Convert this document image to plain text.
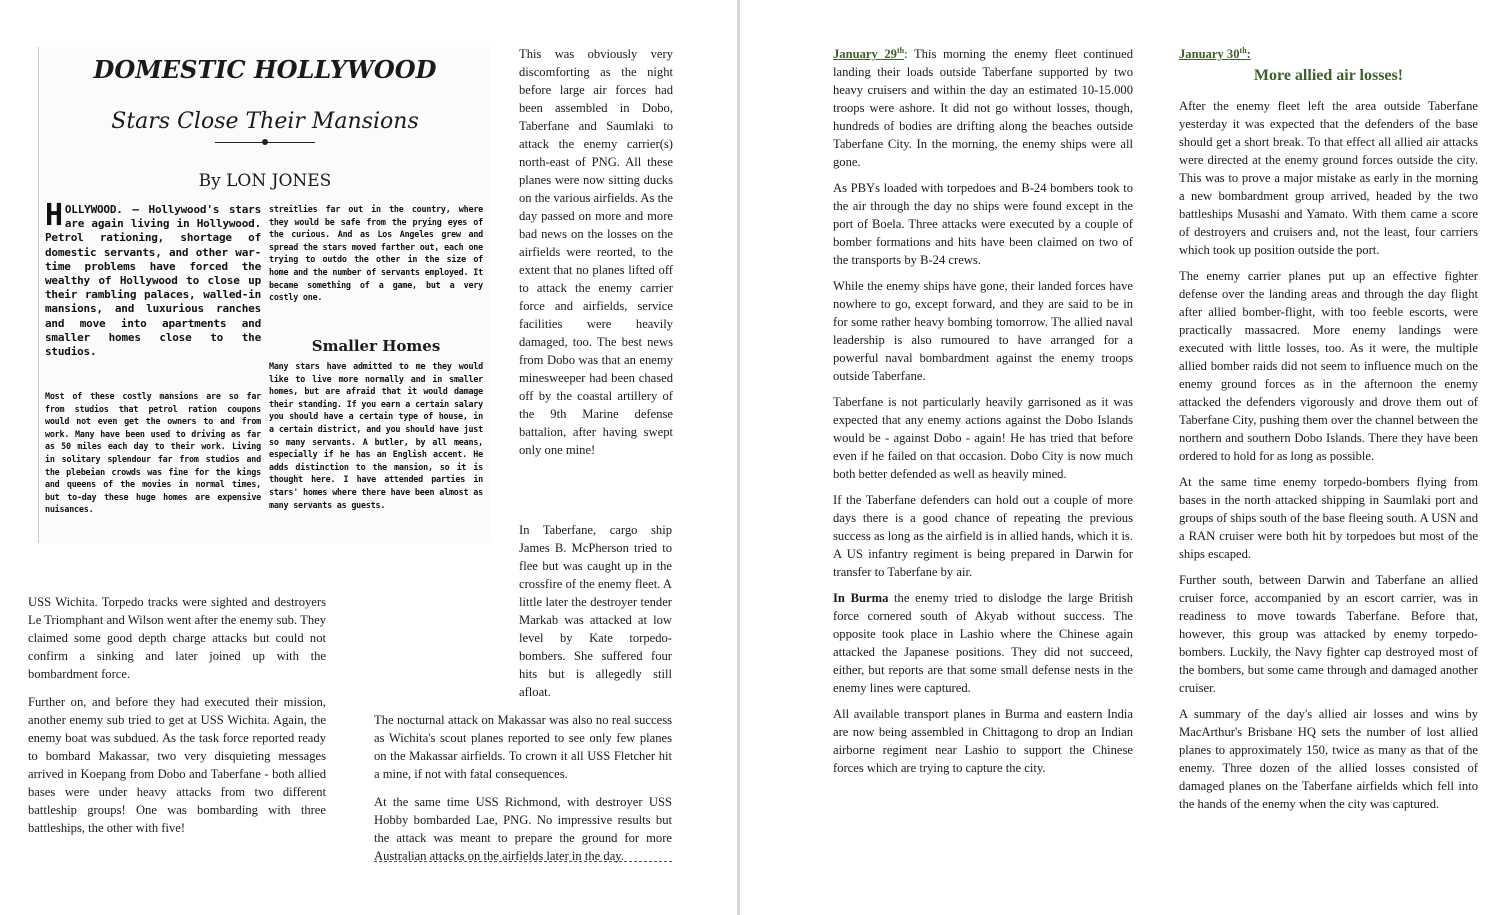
DOMESTIC HOLLYWOOD
Stars Close Their Mansions
By LON JONES
HOLLYWOOD. — Hollywood's stars are again living in Hollywood. Petrol rationing, shortage of domestic servants, and other war-time problems have forced the wealthy of Hollywood to close up their rambling palaces, walled-in mansions, and luxurious ranches and move into apartments and smaller homes close to the studios.
Most of these costly mansions are so far from studios that petrol ration coupons would not even get the owners to and from work. Many have been used to driving as far as 50 miles each day to their work. Living in solitary splendour far from studios and the plebeian crowds was fine for the kings and queens of the movies in normal times, but to-day these huge homes are expensive nuisances.
streitlies far out in the country, where they would be safe from the prying eyes of the curious. And as Los Angeles grew and spread the stars moved farther out, each one trying to outdo the other in the size of home and the number of servants employed. It became something of a game, but a very costly one.
Smaller Homes
Many stars have admitted to me they would like to live more normally and in smaller homes, but are afraid that it would damage their standing. If you earn a certain salary you should have a certain type of house, in a certain district, and you should have just so many servants. A butler, by all means, especially if he has an English accent. He adds distinction to the mansion, so it is thought here. I have attended parties in stars' homes where there have been almost as many servants as guests.

USS Wichita. Torpedo tracks were sighted and destroyers Le Triomphant and Wilson went after the enemy sub. They claimed some good depth charge attacks but could not confirm a sinking and later joined up with the bombardment force.

Further on, and before they had executed their mission, another enemy sub tried to get at USS Wichita. Again, the enemy boat was subdued. As the task force reported ready to bombard Makassar, two very disquieting messages arrived in Koepang from Dobo and Taberfane - both allied bases were under heavy attacks from two different battleship groups! One was bombarding with three battleships, the other with five!

This was obviously very discomforting as the night before large air forces had been assembled in Dobo, Taberfane and Saumlaki to attack the enemy carrier(s) north-east of PNG. All these planes were now sitting ducks on the various airfields. As the day passed on more and more bad news on the losses on the airfields were reorted, to the extent that no planes lifted off to attack the enemy carrier force and airfields, service facilities were heavily damaged, too. The best news from Dobo was that an enemy minesweeper had been chased off by the coastal artillery of the 9th Marine defense battalion, after having swept only one mine!

In Taberfane, cargo ship James B. McPherson tried to flee but was caught up in the crossfire of the enemy fleet. A little later the destroyer tender Markab was attacked at low level by Kate torpedo-bombers. She suffered four hits but is allegedly still afloat.

The nocturnal attack on Makassar was also no real success as Wichita's scout planes reported to see only few planes on the Makassar airfields. To crown it all USS Fletcher hit a mine, if not with fatal consequences.

At the same time USS Richmond, with destroyer USS Hobby bombarded Lae, PNG. No impressive results but the attack was meant to prepare the ground for more Australian attacks on the airfields later in the day.

January 29th: This morning the enemy fleet continued landing their loads outside Taberfane supported by two heavy cruisers and within the day an estimated 10-15.000 troops were ashore. It did not go without losses, though, hundreds of bodies are drifting along the beaches outside Taberfane City. In the morning, the enemy ships were all gone.

As PBYs loaded with torpedoes and B-24 bombers took to the air through the day no ships were found except in the port of Boela. Three attacks were executed by a couple of bomber formations and hits have been claimed on two of the transports by B-24 crews.

While the enemy ships have gone, their landed forces have nowhere to go, except forward, and they are said to be in for some rather heavy bombing tomorrow. The allied naval leadership is also rumoured to have arranged for a powerful naval bombardment against the enemy troops outside Taberfane.

Taberfane is not particularly heavily garrisoned as it was expected that any enemy actions against the Dobo Islands would be - against Dobo - again! He has tried that before even if he failed on that occasion. Dobo City is now much both better defended as well as heavily mined.

If the Taberfane defenders can hold out a couple of more days there is a good chance of repeating the previous success as long as the airfield is in allied hands, which it is. A US infantry regiment is being prepared in Darwin for transfer to Taberfane by air.

In Burma the enemy tried to dislodge the large British force cornered south of Akyab without success. The opposite took place in Lashio where the Chinese again attacked the Japanese positions. They did not succeed, either, but reports are that some small defense nests in the enemy lines were captured.

All available transport planes in Burma and eastern India are now being assembled in Chittagong to drop an Indian airborne regiment near Lashio to support the Chinese forces which are trying to capture the city.

January 30th:

More allied air losses!

After the enemy fleet left the area outside Taberfane yesterday it was expected that the defenders of the base should get a short break. To that effect all allied air attacks were directed at the enemy ground forces outside the city. This was to prove a major mistake as early in the morning a new bombardment group arrived, headed by the two battleships Musashi and Yamato. With them came a score of destroyers and cruisers and, not the least, four carriers which took up position outside the port.

The enemy carrier planes put up an effective fighter defense over the landing areas and through the day flight after allied bomber-flight, with too feeble escorts, were practically massacred. More enemy landings were executed with little losses, too. As it were, the multiple allied bomber raids did not seem to influence much on the enemy ground forces as in the afternoon the enemy attacked the defenders vigorously and drove them out of Taberfane City, pushing them over the channel between the northern and southern Dobo Islands. There they have been ordered to hold for as long as possible.

At the same time enemy torpedo-bombers flying from bases in the north attacked shipping in Saumlaki port and groups of ships south of the base fleeing south. A USN and a RAN cruiser were both hit by torpedoes but most of the ships escaped.

Further south, between Darwin and Taberfane an allied cruiser force, accompanied by an escort carrier, was in readiness to move towards Taberfane. Before that, however, this group was attacked by enemy torpedo-bombers. Luckily, the Navy fighter cap destroyed most of the bombers, but some came through and damaged another cruiser.

A summary of the day's allied air losses and wins by MacArthur's Brisbane HQ sets the number of lost allied planes to approximately 150, twice as many as that of the enemy. Three dozen of the allied losses consisted of damaged planes on the Taberfane airfields which fell into the hands of the enemy when the city was captured.
